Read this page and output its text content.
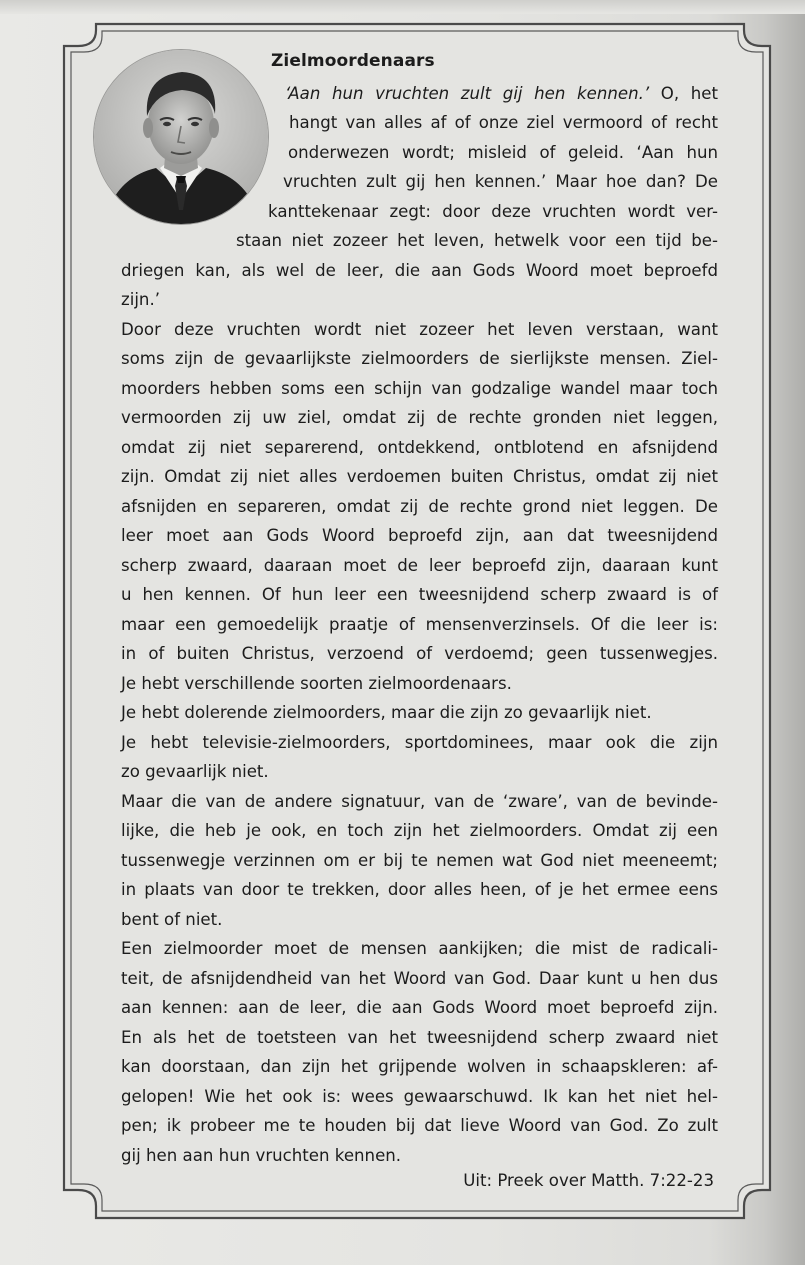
Zielmoordenaars
‘Aan hun vruchten zult gij hen kennen.’ O, het
hangt van alles af of onze ziel vermoord of recht
onderwezen wordt; misleid of geleid. ‘Aan hun
vruchten zult gij hen kennen.’ Maar hoe dan? De
kanttekenaar zegt: door deze vruchten wordt ver-
staan niet zozeer het leven, hetwelk voor een tijd be-
driegen kan, als wel de leer, die aan Gods Woord moet beproefd
zijn.’
Door deze vruchten wordt niet zozeer het leven verstaan, want
soms zijn de gevaarlijkste zielmoorders de sierlijkste mensen. Ziel-
moorders hebben soms een schijn van godzalige wandel maar toch
vermoorden zij uw ziel, omdat zij de rechte gronden niet leggen,
omdat zij niet separerend, ontdekkend, ontblotend en afsnijdend
zijn. Omdat zij niet alles verdoemen buiten Christus, omdat zij niet
afsnijden en separeren, omdat zij de rechte grond niet leggen. De
leer moet aan Gods Woord beproefd zijn, aan dat tweesnijdend
scherp zwaard, daaraan moet de leer beproefd zijn, daaraan kunt
u hen kennen. Of hun leer een tweesnijdend scherp zwaard is of
maar een gemoedelijk praatje of mensenverzinsels. Of die leer is:
in of buiten Christus, verzoend of verdoemd; geen tussenwegjes.
Je hebt verschillende soorten zielmoordenaars.
Je hebt dolerende zielmoorders, maar die zijn zo gevaarlijk niet.
Je hebt televisie-zielmoorders, sportdominees, maar ook die zijn
zo gevaarlijk niet.
Maar die van de andere signatuur, van de ‘zware’, van de bevinde-
lijke, die heb je ook, en toch zijn het zielmoorders. Omdat zij een
tussenwegje verzinnen om er bij te nemen wat God niet meeneemt;
in plaats van door te trekken, door alles heen, of je het ermee eens
bent of niet.
Een zielmoorder moet de mensen aankijken; die mist de radicali-
teit, de afsnijdendheid van het Woord van God. Daar kunt u hen dus
aan kennen: aan de leer, die aan Gods Woord moet beproefd zijn.
En als het de toetsteen van het tweesnijdend scherp zwaard niet
kan doorstaan, dan zijn het grijpende wolven in schaapskleren: af-
gelopen! Wie het ook is: wees gewaarschuwd. Ik kan het niet hel-
pen; ik probeer me te houden bij dat lieve Woord van God. Zo zult
gij hen aan hun vruchten kennen.
Uit: Preek over Matth. 7:22-23
